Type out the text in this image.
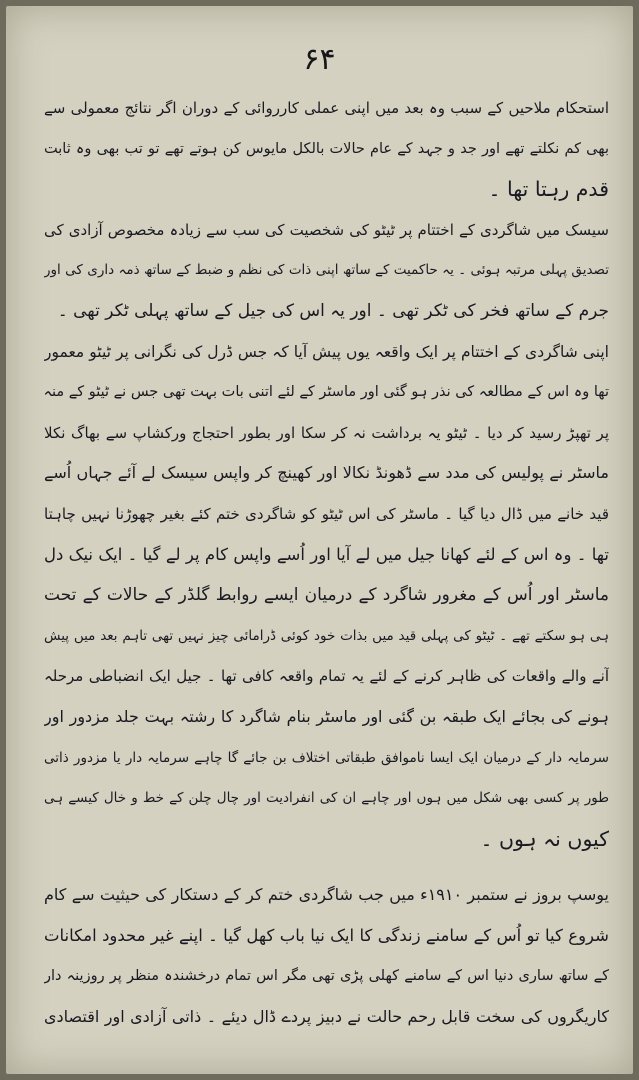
۶۴
استحکام ملاحیں کے سبب وہ بعد میں اپنی عملی کارروائی کے دوران اگر نتائج معمولی سے
بھی کم نکلتے تھے اور جد و جہد کے عام حالات بالکل مایوس کن ہوتے تھے تو تب بھی وہ ثابت
قدم رہتا تھا ۔
سیسک میں شاگردی کے اختتام پر ٹیٹو کی شخصیت کی سب سے زیادہ مخصوص آزادی کی
تصدیق پہلی مرتبہ ہوئی ۔ یہ حاکمیت کے ساتھ اپنی ذات کی نظم و ضبط کے ساتھ ذمہ داری کی اور
جرم کے ساتھ فخر کی ٹکر تھی ۔ اور یہ اس کی جیل کے ساتھ پہلی ٹکر تھی ۔
اپنی شاگردی کے اختتام پر ایک واقعہ یوں پیش آیا کہ جس ڈرل کی نگرانی پر ٹیٹو معمور
تھا وہ اس کے مطالعہ کی نذر ہو گئی اور ماسٹر کے لئے اتنی بات بہت تھی جس نے ٹیٹو کے منہ
پر تھپڑ رسید کر دیا ۔ ٹیٹو یہ برداشت نہ کر سکا اور بطور احتجاج ورکشاپ سے بھاگ نکلا
ماسٹر نے پولیس کی مدد سے ڈھونڈ نکالا اور کھینچ کر واپس سیسک لے آئے جہاں اُسے
قید خانے میں ڈال دیا گیا ۔ ماسٹر کی اس ٹیٹو کو شاگردی ختم کئے بغیر چھوڑنا نہیں چاہتا
تھا ۔ وہ اس کے لئے کھانا جیل میں لے آیا اور اُسے واپس کام پر لے گیا ۔ ایک نیک دل
ماسٹر اور اُس کے مغرور شاگرد کے درمیان ایسے روابط گلڈر کے حالات کے تحت
ہی ہو سکتے تھے ۔ ٹیٹو کی پہلی قید میں بذات خود کوئی ڈرامائی چیز نہیں تھی تاہم بعد میں پیش
آنے والے واقعات کی ظاہر کرنے کے لئے یہ تمام واقعہ کافی تھا ۔ جیل ایک انضباطی مرحلہ
ہونے کی بجائے ایک طبقہ بن گئی اور ماسٹر بنام شاگرد کا رشتہ بہت جلد مزدور اور
سرمایہ دار کے درمیان ایک ایسا ناموافق طبقاتی اختلاف بن جائے گا چاہے سرمایہ دار یا مزدور ذاتی
طور پر کسی بھی شکل میں ہوں اور چاہے ان کی انفرادیت اور چال چلن کے خط و خال کیسے ہی
کیوں نہ ہوں ۔
یوسپ بروز نے ستمبر ۱۹۱۰ء میں جب شاگردی ختم کر کے دستکار کی حیثیت سے کام
شروع کیا تو اُس کے سامنے زندگی کا ایک نیا باب کھل گیا ۔ اپنے غیر محدود امکانات
کے ساتھ ساری دنیا اس کے سامنے کھلی پڑی تھی مگر اس تمام درخشندہ منظر پر روزینہ دار
کاریگروں کی سخت قابل رحم حالت نے دبیز پردے ڈال دیئے ۔ ذاتی آزادی اور اقتصادی
